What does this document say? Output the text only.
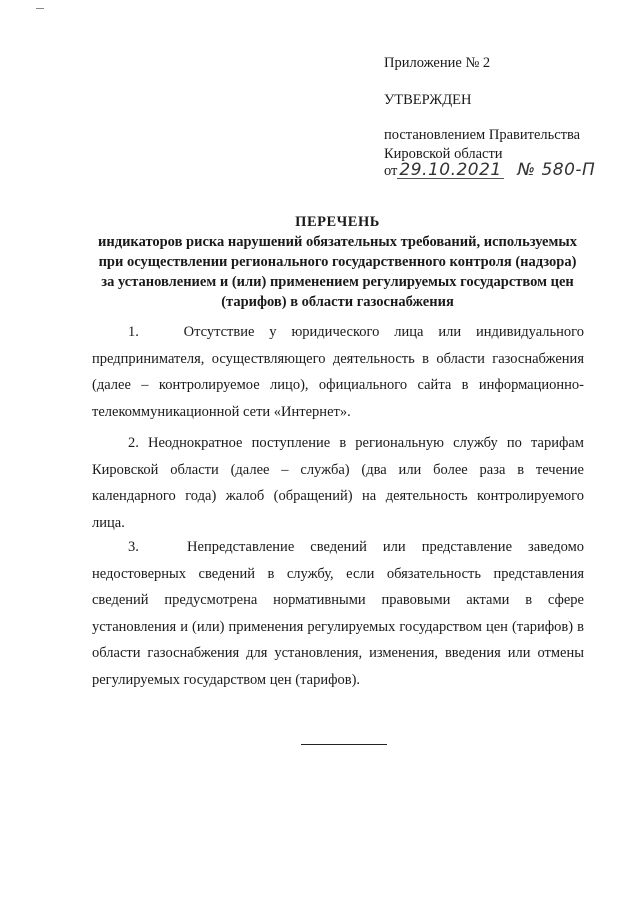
Приложение № 2
УТВЕРЖДЕН
постановлением Правительства
Кировской области
от 29.10.2021 № 580-П
ПЕРЕЧЕНЬ
индикаторов риска нарушений обязательных требований, используемых
при осуществлении регионального государственного контроля (надзора)
за установлением и (или) применением регулируемых государством цен
(тарифов) в области газоснабжения
1.	Отсутствие у юридического лица или индивидуального предпринимателя, осуществляющего деятельность в области газоснабжения (далее – контролируемое лицо), официального сайта в информационно-телекоммуникационной сети «Интернет».
2. Неоднократное поступление в региональную службу по тарифам Кировской области (далее – служба) (два или более раза в течение календарного года) жалоб (обращений) на деятельность контролируемого лица.
3.	Непредставление сведений или представление заведомо недостоверных сведений в службу, если обязательность представления сведений предусмотрена нормативными правовыми актами в сфере установления и (или) применения регулируемых государством цен (тарифов) в области газоснабжения для установления, изменения, введения или отмены регулируемых государством цен (тарифов).
